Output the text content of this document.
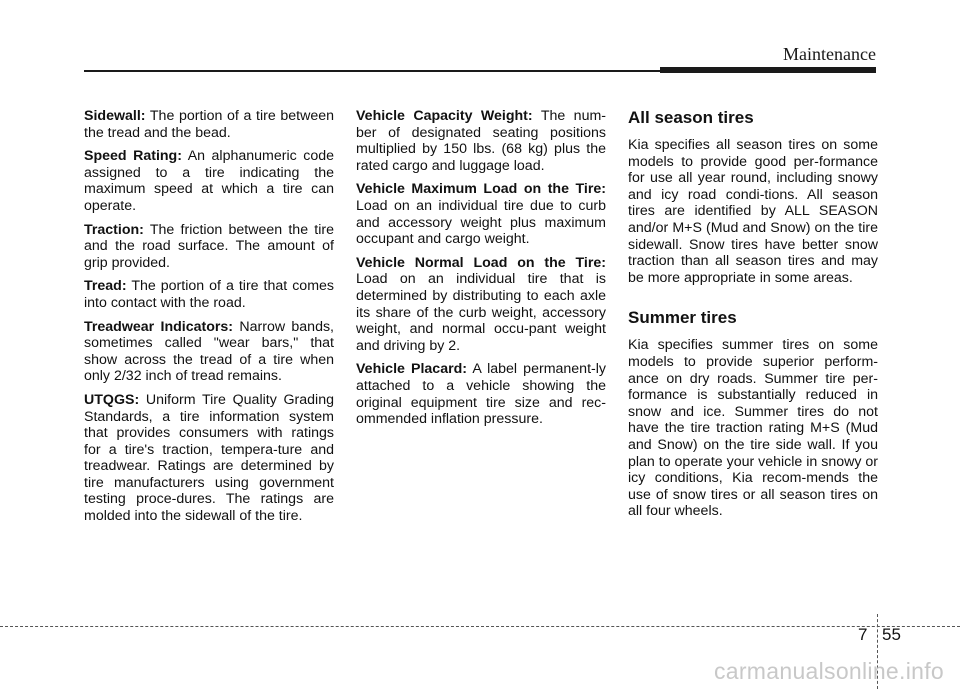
Maintenance

Sidewall: The portion of a tire between the tread and the bead.

Speed Rating: An alphanumeric code assigned to a tire indicating the maximum speed at which a tire can operate.

Traction: The friction between the tire and the road surface. The amount of grip provided.

Tread: The portion of a tire that comes into contact with the road.

Treadwear Indicators: Narrow bands, sometimes called "wear bars," that show across the tread of a tire when only 2/32 inch of tread remains.

UTQGS: Uniform Tire Quality Grading Standards, a tire information system that provides consumers with ratings for a tire's traction, tempera-ture and treadwear. Ratings are determined by tire manufacturers using government testing proce-dures. The ratings are molded into the sidewall of the tire.

Vehicle Capacity Weight: The num-ber of designated seating positions multiplied by 150 lbs. (68 kg) plus the rated cargo and luggage load.

Vehicle Maximum Load on the Tire: Load on an individual tire due to curb and accessory weight plus maximum occupant and cargo weight.

Vehicle Normal Load on the Tire: Load on an individual tire that is determined by distributing to each axle its share of the curb weight, accessory weight, and normal occu-pant weight and driving by 2.

Vehicle Placard: A label permanent-ly attached to a vehicle showing the original equipment tire size and rec-ommended inflation pressure.

All season tires

Kia specifies all season tires on some models to provide good per-formance for use all year round, including snowy and icy road condi-tions. All season tires are identified by ALL SEASON and/or M+S (Mud and Snow) on the tire sidewall. Snow tires have better snow traction than all season tires and may be more appropriate in some areas.

Summer tires

Kia specifies summer tires on some models to provide superior perform-ance on dry roads. Summer tire per-formance is substantially reduced in snow and ice. Summer tires do not have the tire traction rating M+S (Mud and Snow) on the tire side wall. If you plan to operate your vehicle in snowy or icy conditions, Kia recom-mends the use of snow tires or all season tires on all four wheels.

7 55
carmanualsonline.info
